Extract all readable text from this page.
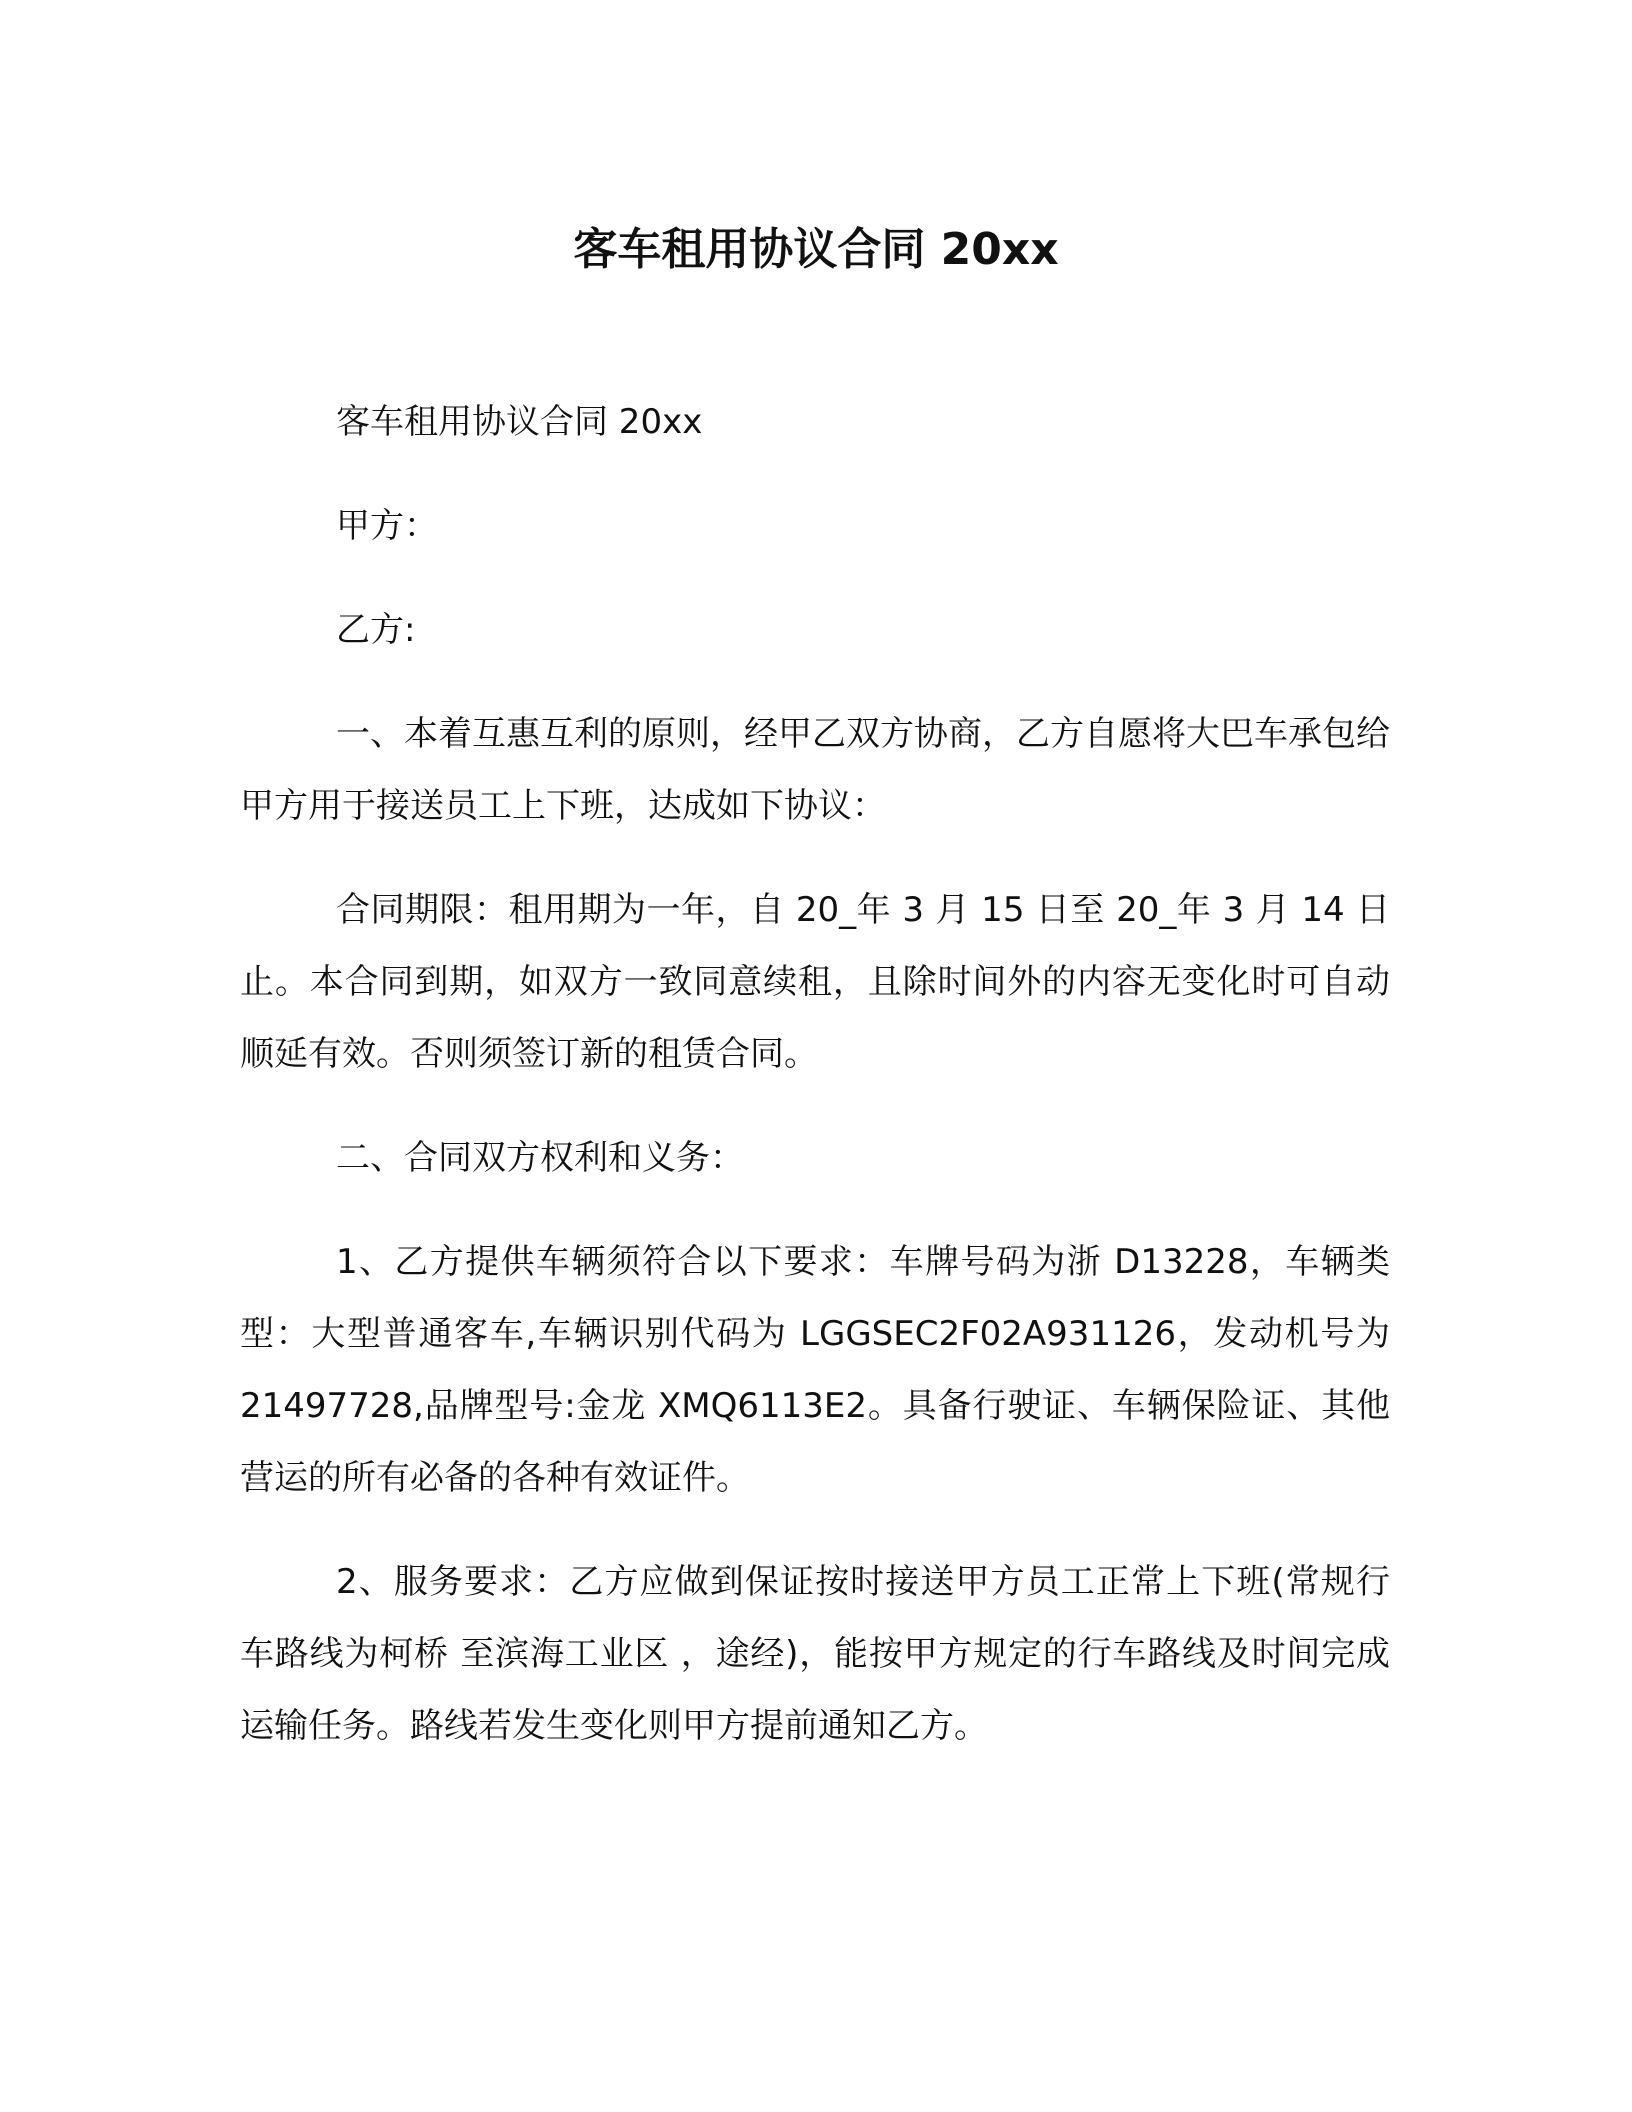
客车租用协议合同 20xx

客车租用协议合同 20xx

甲方：

乙方:

一、本着互惠互利的原则，经甲乙双方协商，乙方自愿将大巴车承包给甲方用于接送员工上下班，达成如下协议：

合同期限：租用期为一年，自 20_年 3 月 15 日至 20_年 3 月 14 日止。本合同到期，如双方一致同意续租，且除时间外的内容无变化时可自动顺延有效。否则须签订新的租赁合同。

二、合同双方权利和义务：

1、乙方提供车辆须符合以下要求：车牌号码为浙 D13228，车辆类型：大型普通客车,车辆识别代码为 LGGSEC2F02A931126，发动机号为 21497728,品牌型号:金龙 XMQ6113E2。具备行驶证、车辆保险证、其他营运的所有必备的各种有效证件。

2、服务要求：乙方应做到保证按时接送甲方员工正常上下班(常规行车路线为柯桥 至滨海工业区 ，途经)，能按甲方规定的行车路线及时间完成运输任务。路线若发生变化则甲方提前通知乙方。
